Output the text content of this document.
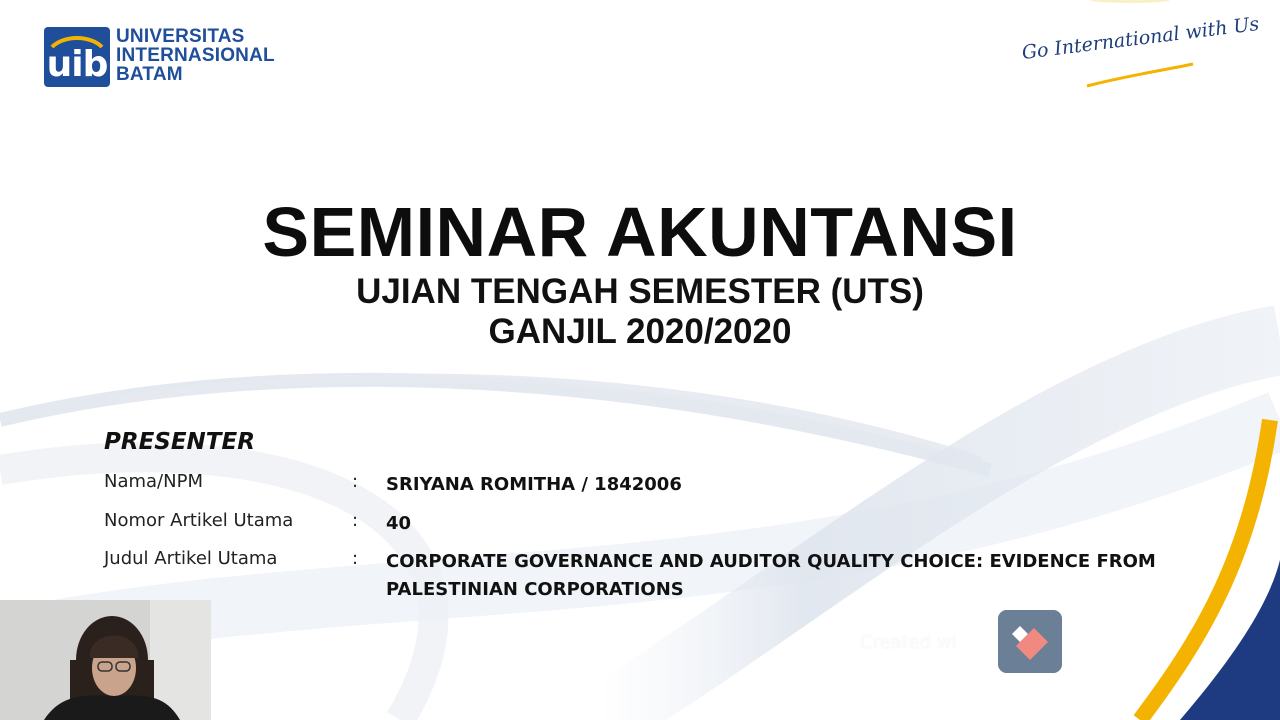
uib
UNIVERSITAS
INTERNASIONAL
BATAM
Go International with Us
SEMINAR AKUNTANSI
UJIAN TENGAH SEMESTER (UTS)
GANJIL 2020/2020
PRESENTER
Nama/NPM	: SRIYANA ROMITHA / 1842006
Nomor Artikel Utama	: 40
Judul Artikel Utama	: CORPORATE GOVERNANCE AND AUDITOR QUALITY CHOICE: EVIDENCE FROM
PALESTINIAN CORPORATIONS
Created wi
